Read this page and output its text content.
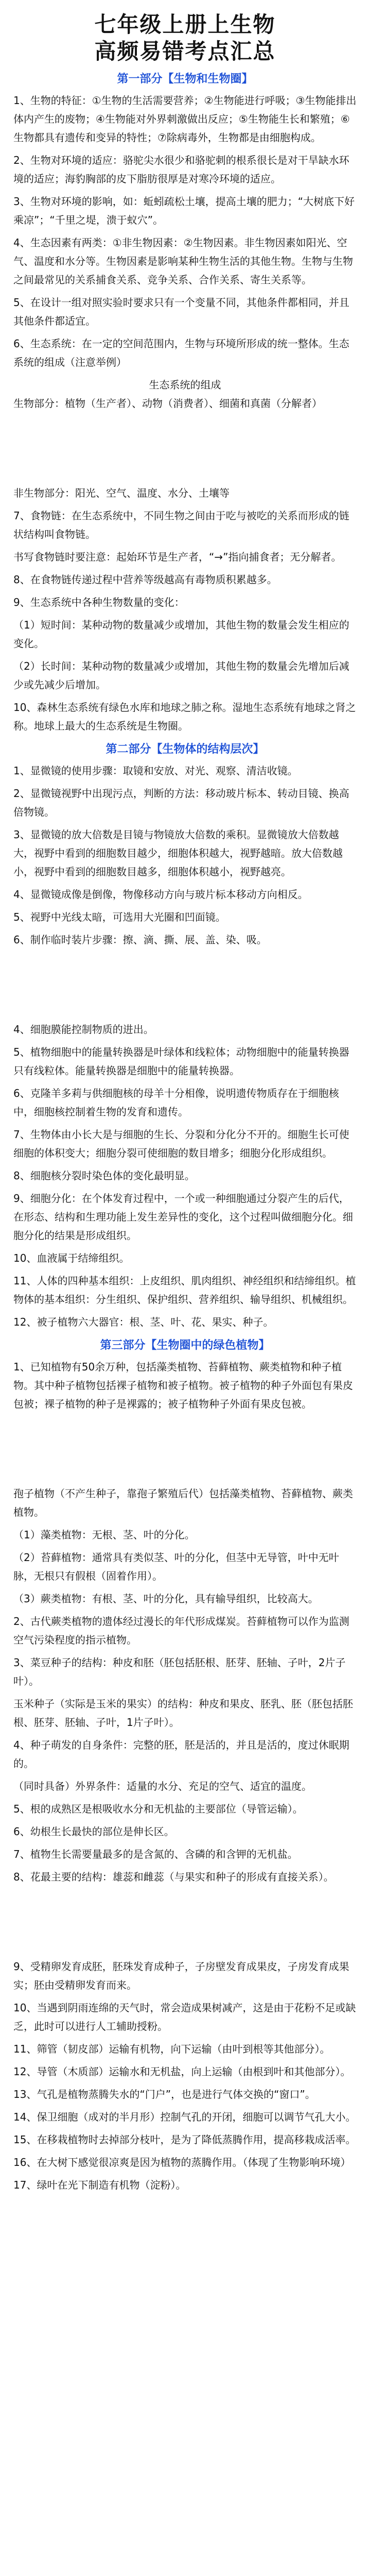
七年级上册上生物
高频易错考点汇总
第一部分【生物和生物圈】
1、生物的特征：①生物的生活需要营养；②生物能进行呼吸；③生物能排出体内产生的废物；④生物能对外界刺激做出反应；⑤生物能生长和繁殖；⑥生物都具有遗传和变异的特性；⑦除病毒外，生物都是由细胞构成。
2、生物对环境的适应：骆驼尖水很少和骆驼刺的根系很长是对干旱缺水环境的适应；海豹胸部的皮下脂肪很厚是对寒冷环境的适应。
3、生物对环境的影响，如：蚯蚓疏松土壤，提高土壤的肥力；“大树底下好乘凉”；“千里之堤，溃于蚁穴”。
4、生态因素有两类：①非生物因素：②生物因素。非生物因素如阳光、空气、温度和水分等。生物因素是影响某种生物生活的其他生物。生物与生物之间最常见的关系捕食关系、竞争关系、合作关系、寄生关系等。
5、在设计一组对照实验时要求只有一个变量不同，其他条件都相同，并且其他条件都适宜。
6、生态系统：在一定的空间范围内，生物与环境所形成的统一整体。生态系统的组成（注意举例）
生态系统的组成
生物部分：植物（生产者）、动物（消费者）、细菌和真菌（分解者）
非生物部分：阳光、空气、温度、水分、土壤等
7、食物链：在生态系统中，不同生物之间由于吃与被吃的关系而形成的链状结构叫食物链。
书写食物链时要注意：起始环节是生产者，“→”指向捕食者；无分解者。
8、在食物链传递过程中营养等级越高有毒物质积累越多。
9、生态系统中各种生物数量的变化：
（1）短时间：某种动物的数量减少或增加，其他生物的数量会发生相应的变化。
（2）长时间：某种动物的数量减少或增加，其他生物的数量会先增加后减少或先减少后增加。
10、森林生态系统有绿色水库和地球之肺之称。湿地生态系统有地球之肾之称。地球上最大的生态系统是生物圈。
第二部分【生物体的结构层次】
1、显微镜的使用步骤：取镜和安放、对光、观察、清洁收镜。
2、显微镜视野中出现污点，判断的方法：移动玻片标本、转动目镜、换高倍物镜。
3、显微镜的放大倍数是目镜与物镜放大倍数的乘积。显微镜放大倍数越大，视野中看到的细胞数目越少，细胞体积越大，视野越暗。放大倍数越小，视野中看到的细胞数目越多，细胞体积越小，视野越亮。
4、显微镜成像是倒像，物像移动方向与玻片标本移动方向相反。
5、视野中光线太暗，可选用大光圈和凹面镜。
6、制作临时装片步骤：擦、滴、撕、展、盖、染、吸。
4、细胞膜能控制物质的进出。
5、植物细胞中的能量转换器是叶绿体和线粒体；动物细胞中的能量转换器只有线粒体。能量转换器是细胞中的能量转换器。
6、克隆羊多莉与供细胞核的母羊十分相像，说明遗传物质存在于细胞核中，细胞核控制着生物的发育和遗传。
7、生物体由小长大是与细胞的生长、分裂和分化分不开的。细胞生长可使细胞的体积变大；细胞分裂可使细胞的数目增多；细胞分化形成组织。
8、细胞核分裂时染色体的变化最明显。
9、细胞分化：在个体发育过程中，一个或一种细胞通过分裂产生的后代，在形态、结构和生理功能上发生差异性的变化，这个过程叫做细胞分化。细胞分化的结果是形成组织。
10、血液属于结缔组织。
11、人体的四种基本组织：上皮组织、肌肉组织、神经组织和结缔组织。植物体的基本组织：分生组织、保护组织、营养组织、输导组织、机械组织。
12、被子植物六大器官：根、茎、叶、花、果实、种子。
第三部分【生物圈中的绿色植物】
1、已知植物有50余万种，包括藻类植物、苔藓植物、蕨类植物和种子植物。其中种子植物包括裸子植物和被子植物。被子植物的种子外面包有果皮包被；裸子植物的种子是裸露的；被子植物种子外面有果皮包被。
孢子植物（不产生种子，靠孢子繁殖后代）包括藻类植物、苔藓植物、蕨类植物。
（1）藻类植物：无根、茎、叶的分化。
（2）苔藓植物：通常具有类似茎、叶的分化，但茎中无导管，叶中无叶脉，无根只有假根（固着作用）。
（3）蕨类植物：有根、茎、叶的分化，具有输导组织，比较高大。
2、古代蕨类植物的遗体经过漫长的年代形成煤炭。苔藓植物可以作为监测空气污染程度的指示植物。
3、菜豆种子的结构：种皮和胚（胚包括胚根、胚芽、胚轴、子叶，2片子叶）。
玉米种子（实际是玉米的果实）的结构：种皮和果皮、胚乳、胚（胚包括胚根、胚芽、胚轴、子叶，1片子叶）。
4、种子萌发的自身条件：完整的胚，胚是活的，并且是活的，度过休眠期的。
（同时具备）外界条件：适量的水分、充足的空气、适宜的温度。
5、根的成熟区是根吸收水分和无机盐的主要部位（导管运输）。
6、幼根生长最快的部位是伸长区。
7、植物生长需要量最多的是含氮的、含磷的和含钾的无机盐。
8、花最主要的结构：雄蕊和雌蕊（与果实和种子的形成有直接关系）。
9、受精卵发育成胚，胚珠发育成种子，子房壁发育成果皮，子房发育成果实；胚由受精卵发育而来。
10、当遇到阴雨连绵的天气时，常会造成果树减产，这是由于花粉不足或缺乏，此时可以进行人工辅助授粉。
11、筛管（韧皮部）运输有机物，向下运输（由叶到根等其他部分）。
12、导管（木质部）运输水和无机盐，向上运输（由根到叶和其他部分）。
13、气孔是植物蒸腾失水的“门户”，也是进行气体交换的“窗口”。
14、保卫细胞（成对的半月形）控制气孔的开闭，细胞可以调节气孔大小。
15、在移栽植物时去掉部分枝叶，是为了降低蒸腾作用，提高移栽成活率。
16、在大树下感觉很凉爽是因为植物的蒸腾作用。（体现了生物影响环境）
17、绿叶在光下制造有机物（淀粉）。
